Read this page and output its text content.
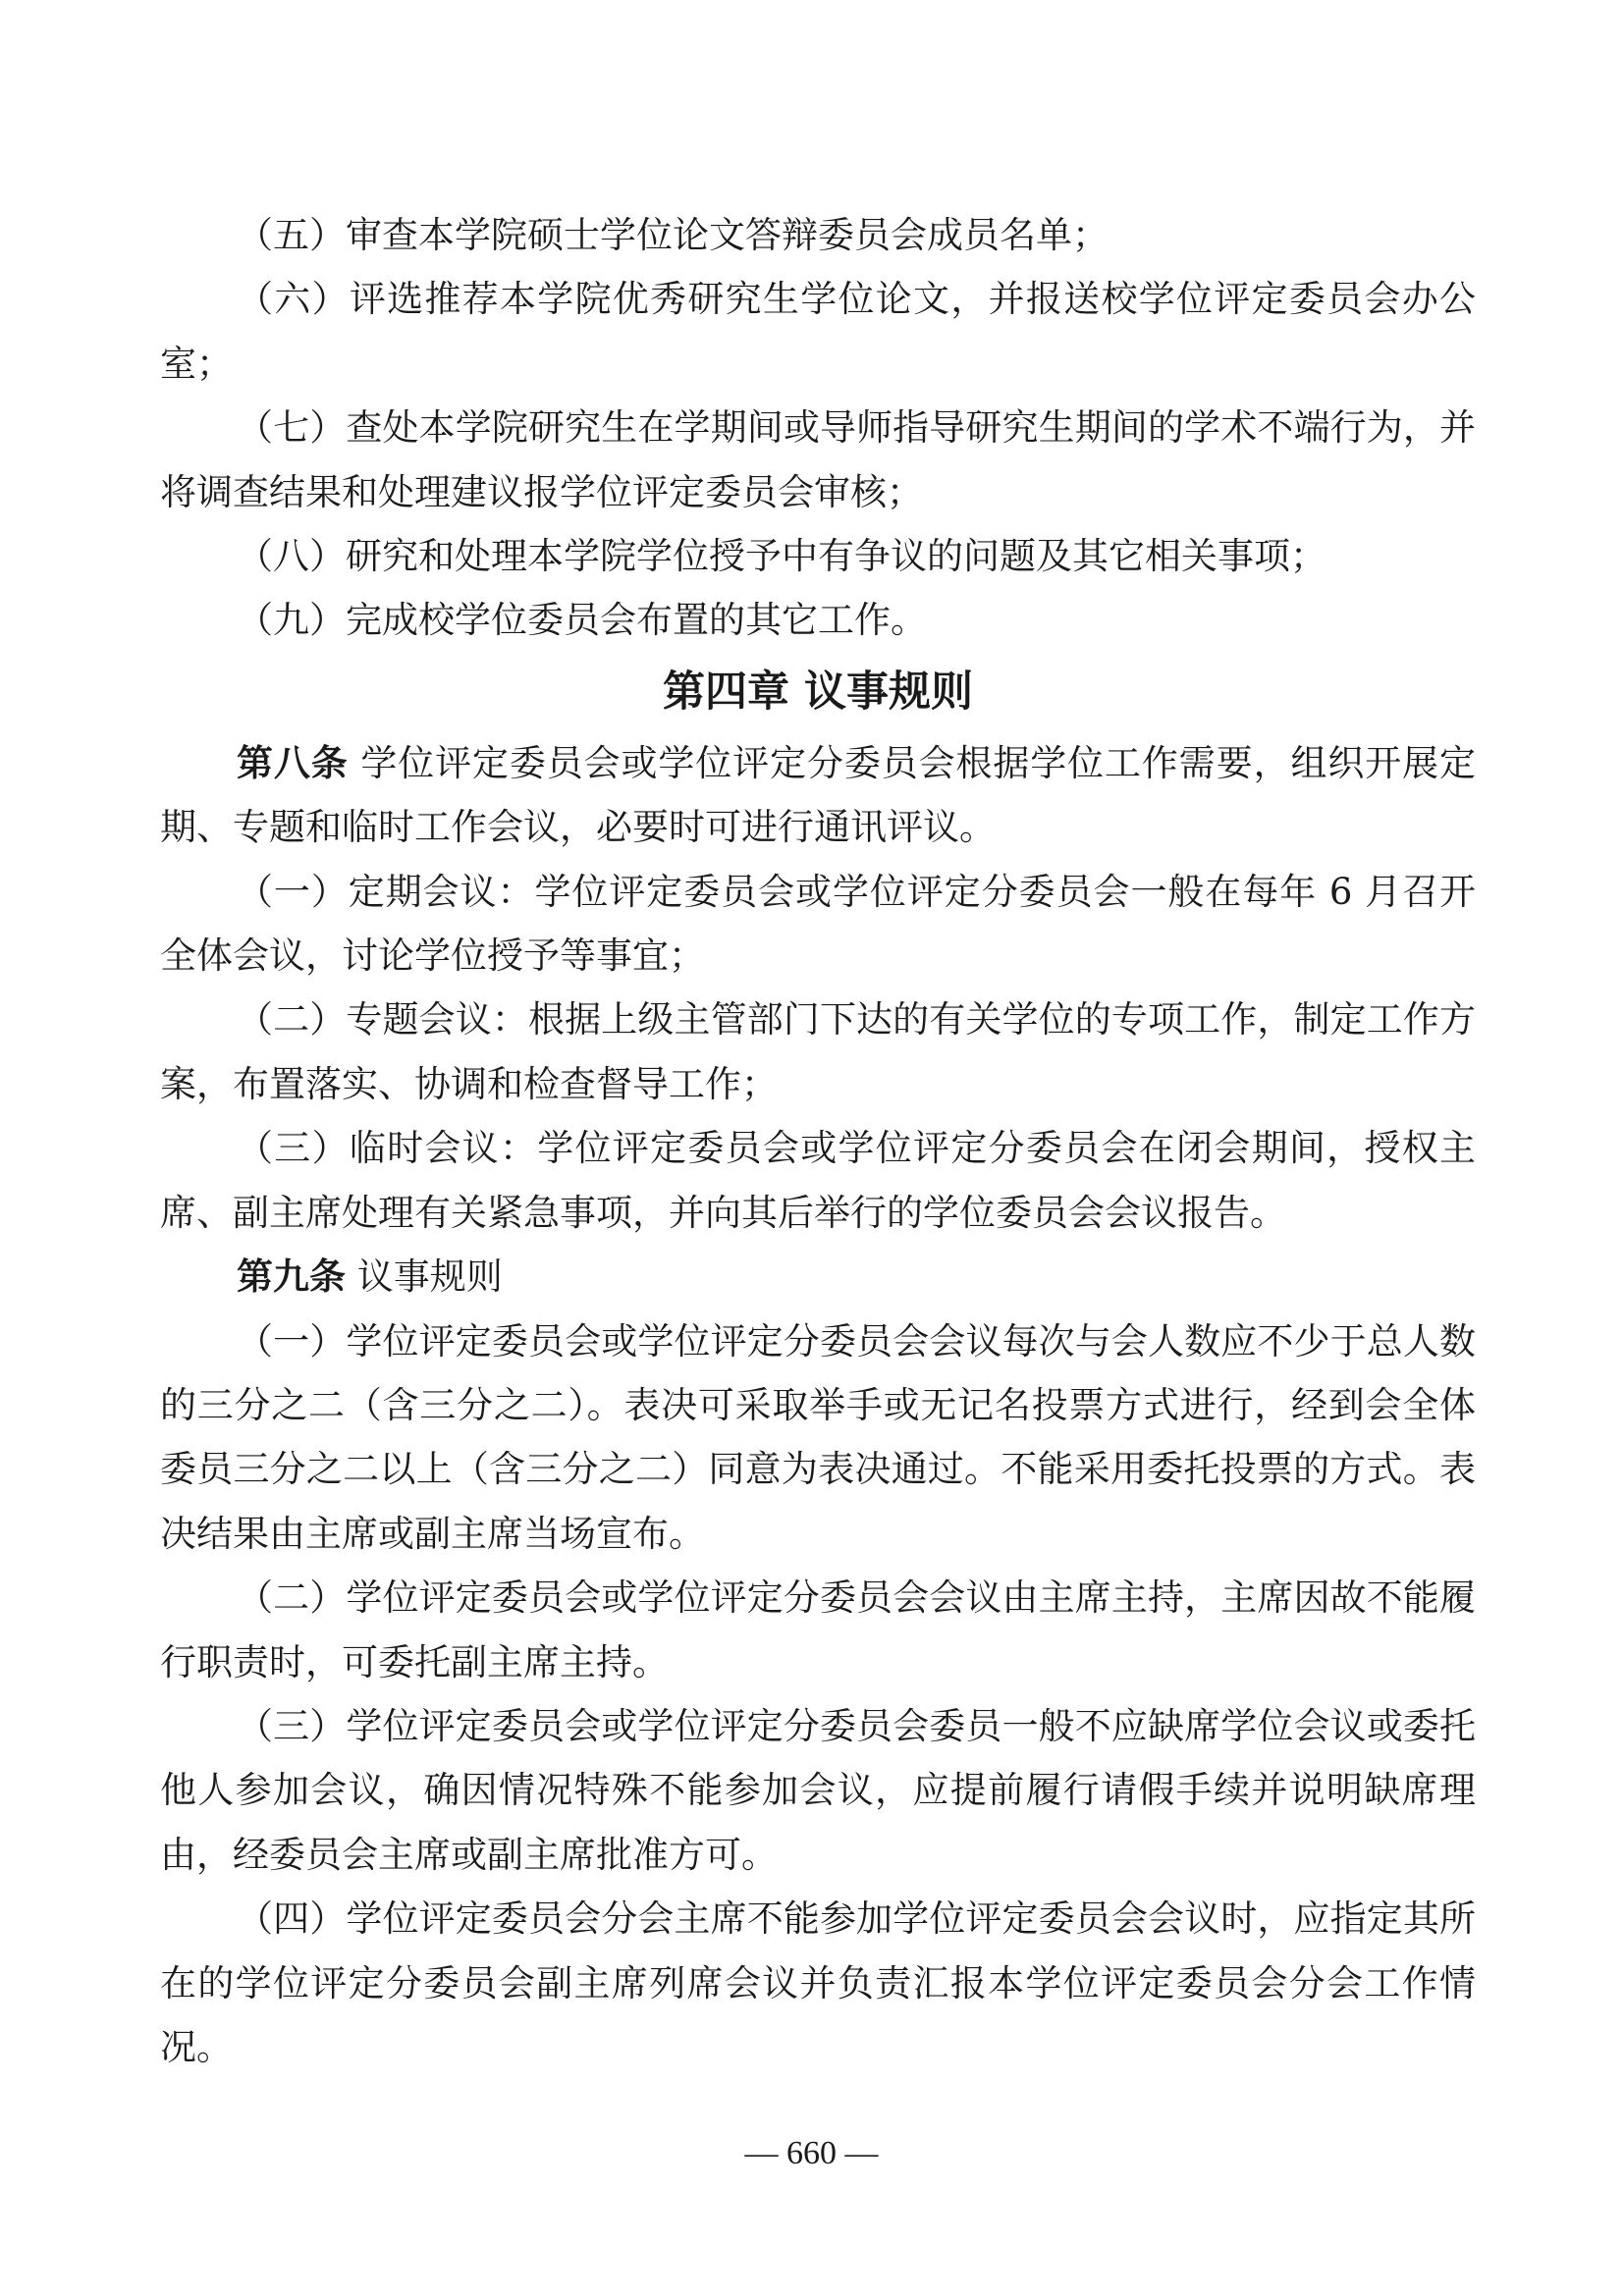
（五）审查本学院硕士学位论文答辩委员会成员名单；

（六）评选推荐本学院优秀研究生学位论文，并报送校学位评定委员会办公室；

（七）查处本学院研究生在学期间或导师指导研究生期间的学术不端行为，并将调查结果和处理建议报学位评定委员会审核；

（八）研究和处理本学院学位授予中有争议的问题及其它相关事项；

（九）完成校学位委员会布置的其它工作。

第四章 议事规则

第八条 学位评定委员会或学位评定分委员会根据学位工作需要，组织开展定期、专题和临时工作会议，必要时可进行通讯评议。

（一）定期会议：学位评定委员会或学位评定分委员会一般在每年 6 月召开全体会议，讨论学位授予等事宜；

（二）专题会议：根据上级主管部门下达的有关学位的专项工作，制定工作方案，布置落实、协调和检查督导工作；

（三）临时会议：学位评定委员会或学位评定分委员会在闭会期间，授权主席、副主席处理有关紧急事项，并向其后举行的学位委员会会议报告。

第九条 议事规则

（一）学位评定委员会或学位评定分委员会会议每次与会人数应不少于总人数的三分之二（含三分之二）。表决可采取举手或无记名投票方式进行，经到会全体委员三分之二以上（含三分之二）同意为表决通过。不能采用委托投票的方式。表决结果由主席或副主席当场宣布。

（二）学位评定委员会或学位评定分委员会会议由主席主持，主席因故不能履行职责时，可委托副主席主持。

（三）学位评定委员会或学位评定分委员会委员一般不应缺席学位会议或委托他人参加会议，确因情况特殊不能参加会议，应提前履行请假手续并说明缺席理由，经委员会主席或副主席批准方可。

（四）学位评定委员会分会主席不能参加学位评定委员会会议时，应指定其所在的学位评定分委员会副主席列席会议并负责汇报本学位评定委员会分会工作情况。

— 660 —
